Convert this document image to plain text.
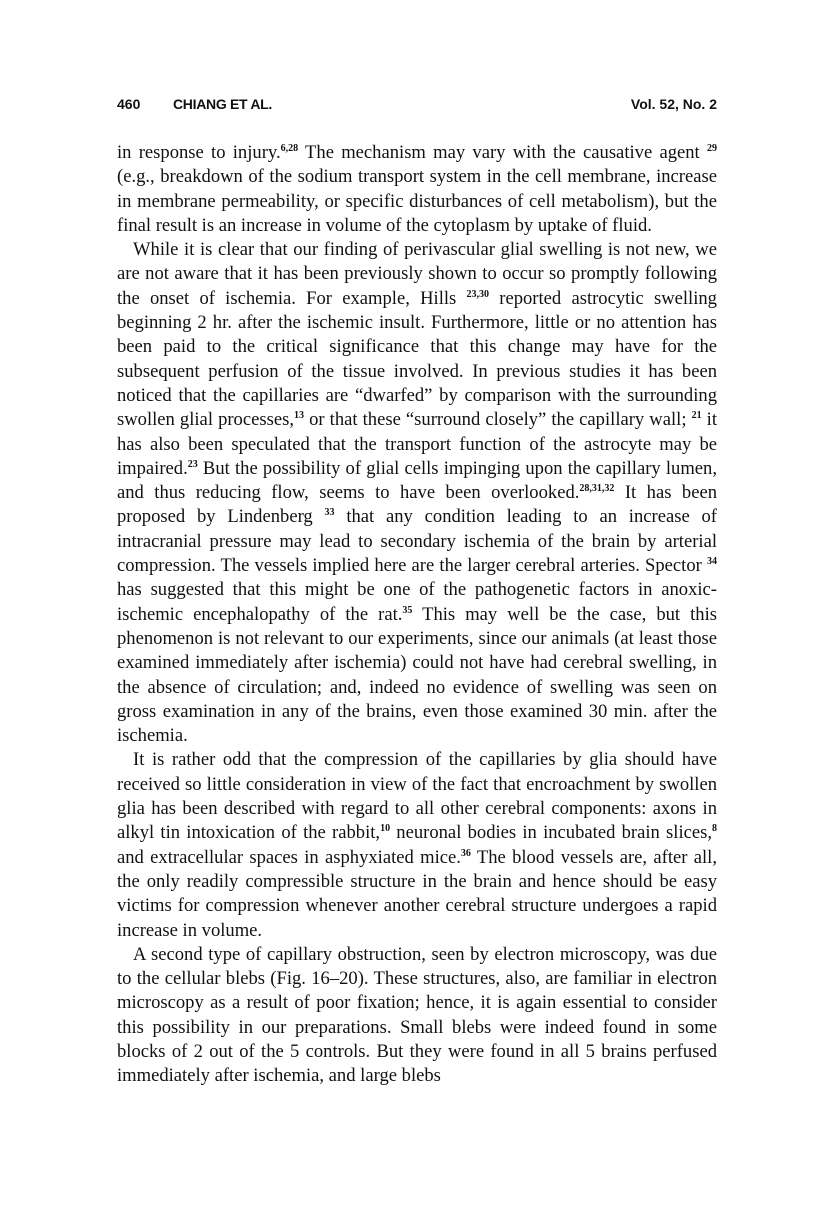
460 CHIANG ET AL.	Vol. 52, No. 2

in response to injury.$^{6,28}$ The mechanism may vary with the causative agent $^{29}$ (e.g., breakdown of the sodium transport system in the cell membrane, increase in membrane permeability, or specific disturbances of cell metabolism), but the final result is an increase in volume of the cytoplasm by uptake of fluid.

While it is clear that our finding of perivascular glial swelling is not new, we are not aware that it has been previously shown to occur so promptly following the onset of ischemia. For example, Hills $^{23,30}$ reported astrocytic swelling beginning 2 hr. after the ischemic insult. Furthermore, little or no attention has been paid to the critical significance that this change may have for the subsequent perfusion of the tissue involved. In previous studies it has been noticed that the capillaries are “dwarfed” by comparison with the surrounding swollen glial processes,$^{13}$ or that these “surround closely” the capillary wall; $^{21}$ it has also been speculated that the transport function of the astrocyte may be impaired.$^{23}$ But the possibility of glial cells impinging upon the capillary lumen, and thus reducing flow, seems to have been overlooked.$^{28,31,32}$ It has been proposed by Lindenberg $^{33}$ that any condition leading to an increase of intracranial pressure may lead to secondary ischemia of the brain by arterial compression. The vessels implied here are the larger cerebral arteries. Spector $^{34}$ has suggested that this might be one of the pathogenetic factors in anoxic-ischemic encephalopathy of the rat.$^{35}$ This may well be the case, but this phenomenon is not relevant to our experiments, since our animals (at least those examined immediately after ischemia) could not have had cerebral swelling, in the absence of circulation; and, indeed no evidence of swelling was seen on gross examination in any of the brains, even those examined 30 min. after the ischemia.

It is rather odd that the compression of the capillaries by glia should have received so little consideration in view of the fact that encroachment by swollen glia has been described with regard to all other cerebral components: axons in alkyl tin intoxication of the rabbit,$^{10}$ neuronal bodies in incubated brain slices,$^8$ and extracellular spaces in asphyxiated mice.$^{36}$ The blood vessels are, after all, the only readily compressible structure in the brain and hence should be easy victims for compression whenever another cerebral structure undergoes a rapid increase in volume.

A second type of capillary obstruction, seen by electron microscopy, was due to the cellular blebs (Fig. 16–20). These structures, also, are familiar in electron microscopy as a result of poor fixation; hence, it is again essential to consider this possibility in our preparations. Small blebs were indeed found in some blocks of 2 out of the 5 controls. But they were found in all 5 brains perfused immediately after ischemia, and large blebs
